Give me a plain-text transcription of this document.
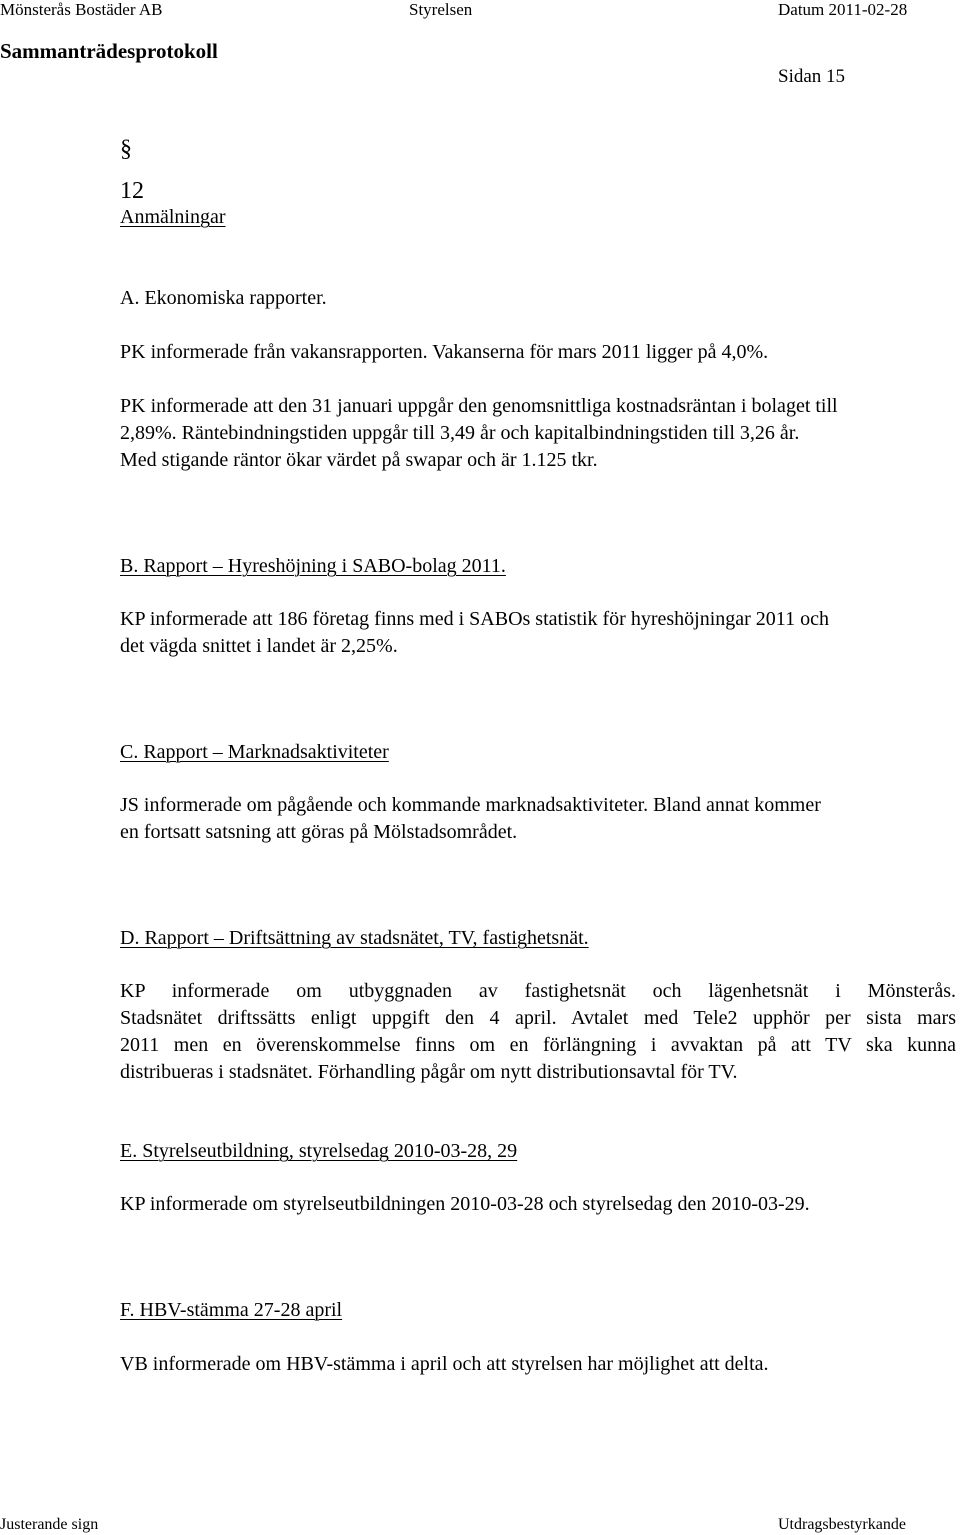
Mönsterås Bostäder AB	Styrelsen	Datum 2011-02-28
Sammanträdesprotokoll
Sidan 15
§
12
Anmälningar
A. Ekonomiska rapporter.
PK informerade från vakansrapporten. Vakanserna för mars 2011 ligger på 4,0%.
PK informerade att den 31 januari uppgår den genomsnittliga kostnadsräntan i bolaget till
2,89%. Räntebindningstiden uppgår till 3,49 år och kapitalbindningstiden till 3,26 år.
Med stigande räntor ökar värdet på swapar och är 1.125 tkr.
B. Rapport – Hyreshöjning i SABO-bolag 2011.
KP informerade att 186 företag finns med i SABOs statistik för hyreshöjningar 2011 och
det vägda snittet i landet är 2,25%.
C. Rapport – Marknadsaktiviteter
JS informerade om pågående och kommande marknadsaktiviteter. Bland annat kommer
en fortsatt satsning att göras på Mölstadsområdet.
D. Rapport – Driftsättning av stadsnätet, TV, fastighetsnät.
KP informerade om utbyggnaden av fastighetsnät och lägenhetsnät i Mönsterås.
Stadsnätet driftssätts enligt uppgift den 4 april. Avtalet med Tele2 upphör per sista mars
2011 men en överenskommelse finns om en förlängning i avvaktan på att TV ska kunna
distribueras i stadsnätet. Förhandling pågår om nytt distributionsavtal för TV.
E. Styrelseutbildning, styrelsedag 2010-03-28, 29
KP informerade om styrelseutbildningen 2010-03-28 och styrelsedag den 2010-03-29.
F. HBV-stämma 27-28 april
VB informerade om HBV-stämma i april och att styrelsen har möjlighet att delta.
Justerande sign	Utdragsbestyrkande
